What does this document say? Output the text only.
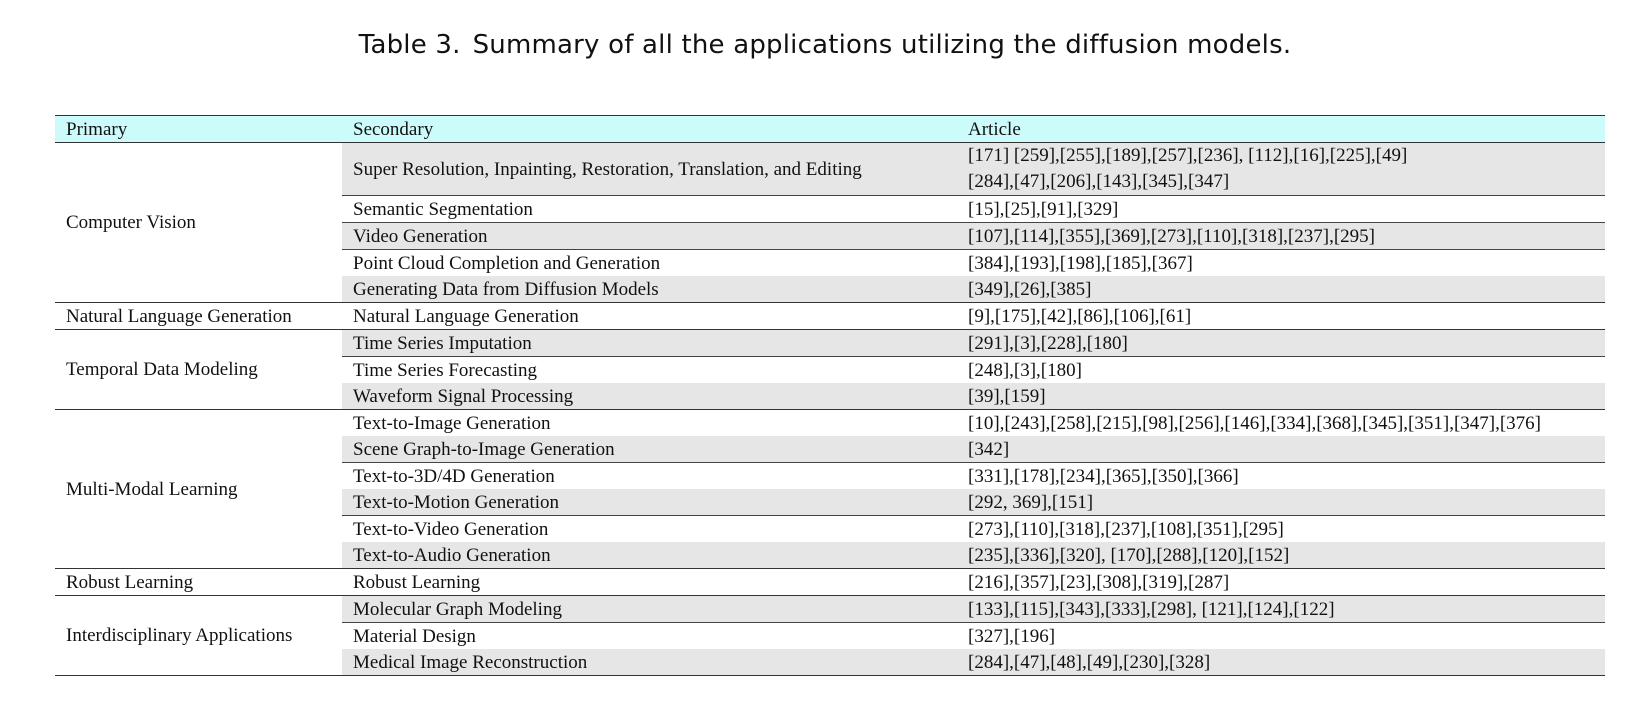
Table 3. Summary of all the applications utilizing the diffusion models.
Primary	Secondary	Article
Computer Vision	Super Resolution, Inpainting, Restoration, Translation, and Editing	[171] [259],[255],[189],[257],[236], [112],[16],[225],[49]
[284],[47],[206],[143],[345],[347]

	Semantic Segmentation	[15],[25],[91],[329]
	Video Generation	[107],[114],[355],[369],[273],[110],[318],[237],[295]
	Point Cloud Completion and Generation	[384],[193],[198],[185],[367]
	Generating Data from Diffusion Models	[349],[26],[385]
Natural Language Generation	Natural Language Generation	[9],[175],[42],[86],[106],[61]
Temporal Data Modeling	Time Series Imputation	[291],[3],[228],[180]
	Time Series Forecasting	[248],[3],[180]
	Waveform Signal Processing	[39],[159]
Multi-Modal Learning	Text-to-Image Generation	[10],[243],[258],[215],[98],[256],[146],[334],[368],[345],[351],[347],[376]
	Scene Graph-to-Image Generation	[342]
	Text-to-3D/4D Generation	[331],[178],[234],[365],[350],[366]
	Text-to-Motion Generation	[292, 369],[151]
	Text-to-Video Generation	[273],[110],[318],[237],[108],[351],[295]
	Text-to-Audio Generation	[235],[336],[320], [170],[288],[120],[152]
Robust Learning	Robust Learning	[216],[357],[23],[308],[319],[287]
Interdisciplinary Applications	Molecular Graph Modeling	[133],[115],[343],[333],[298], [121],[124],[122]
	Material Design	[327],[196]
	Medical Image Reconstruction	[284],[47],[48],[49],[230],[328]
